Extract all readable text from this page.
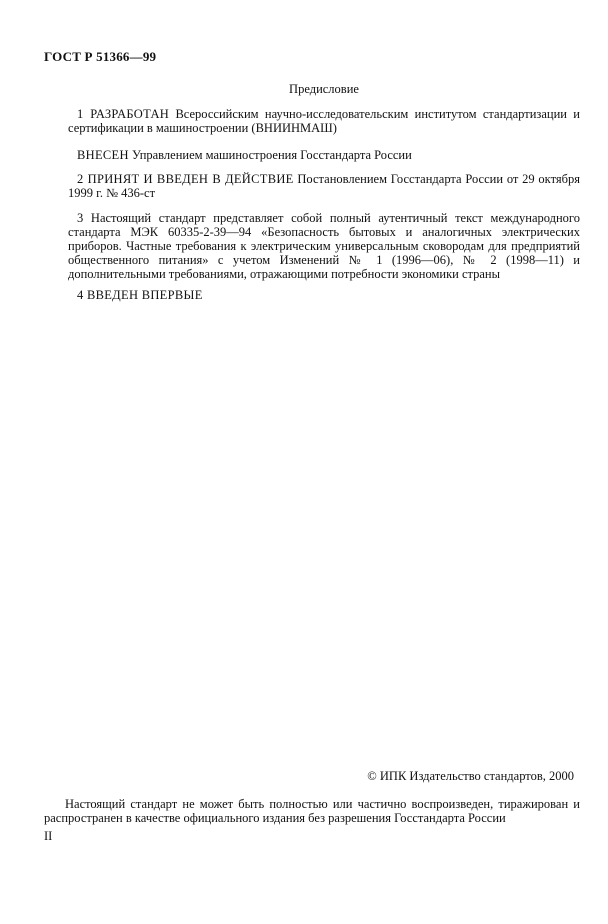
ГОСТ Р 51366—99
Предисловие
1 РАЗРАБОТАН Всероссийским научно-исследовательским институтом стандартизации и сертификации в машиностроении (ВНИИНМАШ)
ВНЕСЕН Управлением машиностроения Госстандарта России
2 ПРИНЯТ И ВВЕДЕН В ДЕЙСТВИЕ Постановлением Госстандарта России от 29 октября 1999 г. № 436-ст
3 Настоящий стандарт представляет собой полный аутентичный текст международного стандарта МЭК 60335-2-39—94 «Безопасность бытовых и аналогичных электрических приборов. Частные требования к электрическим универсальным сковородам для предприятий общественного питания» с учетом Изменений № 1 (1996—06), № 2 (1998—11) и дополнительными требованиями, отражающими потребности экономики страны
4 ВВЕДЕН ВПЕРВЫЕ
© ИПК Издательство стандартов, 2000
Настоящий стандарт не может быть полностью или частично воспроизведен, тиражирован и распространен в качестве официального издания без разрешения Госстандарта России
II
